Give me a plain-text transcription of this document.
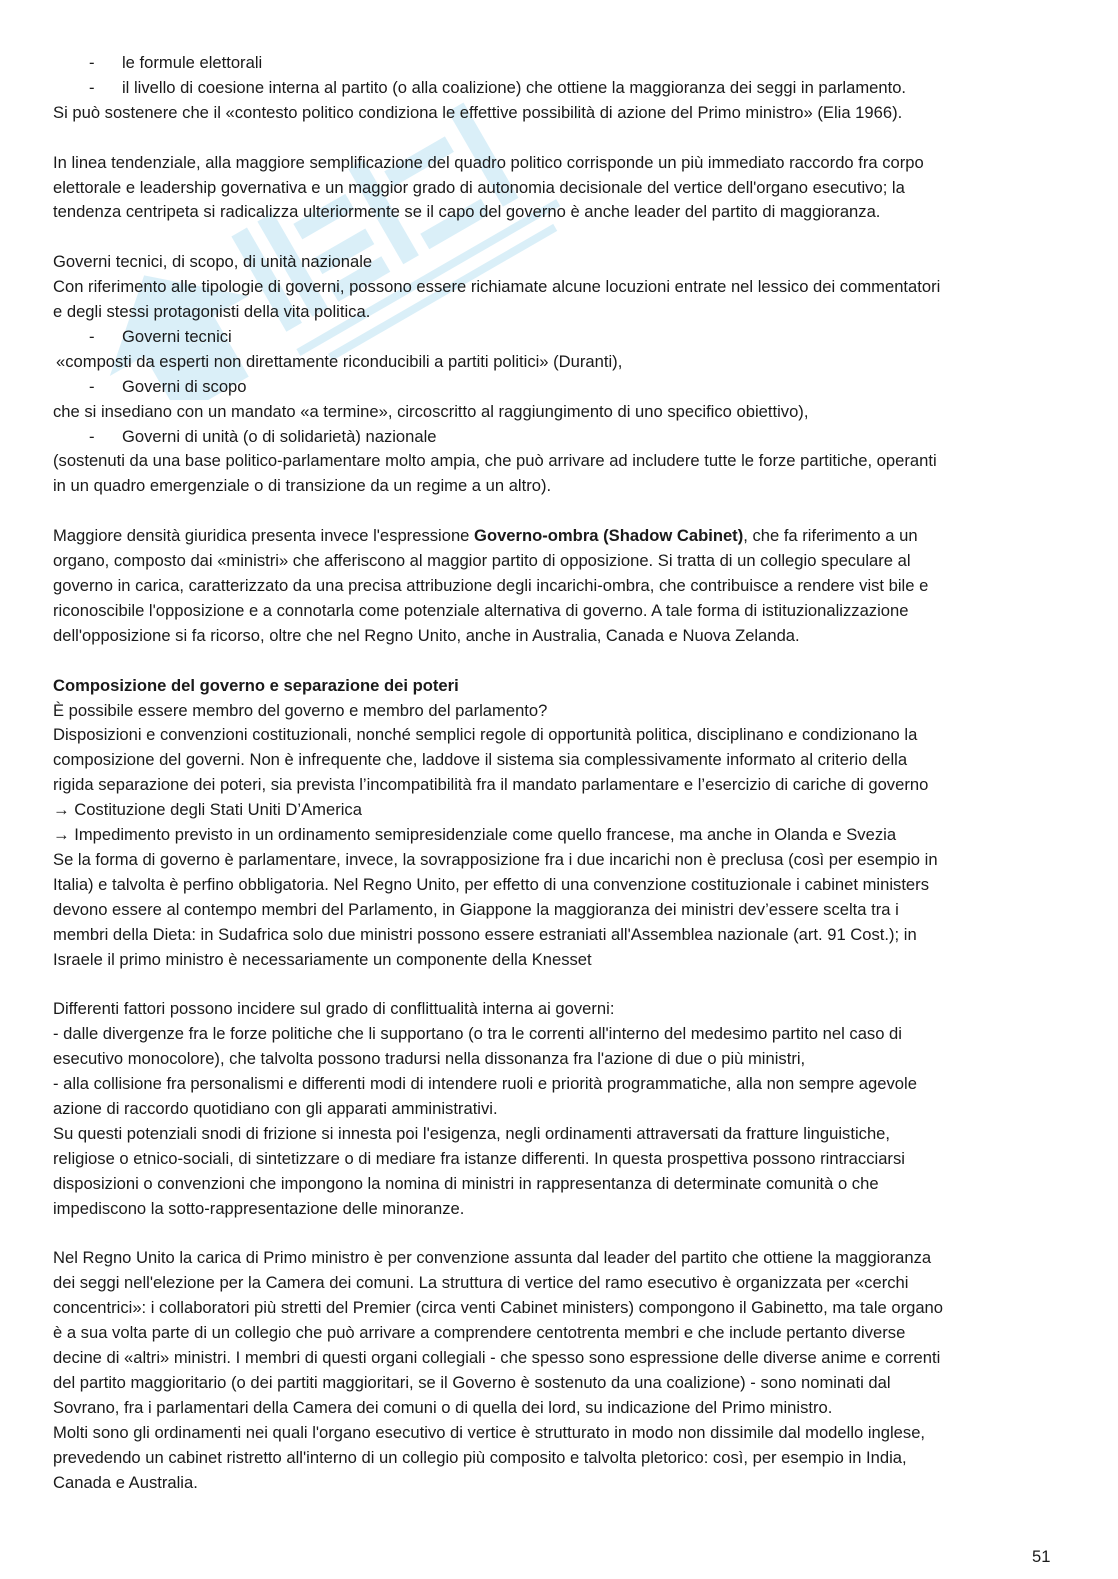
- le formule elettorali
- il livello di coesione interna al partito (o alla coalizione) che ottiene la maggioranza dei seggi in parlamento.
Si può sostenere che il «contesto politico condiziona le effettive possibilità di azione del Primo ministro» (Elia 1966).
In linea tendenziale, alla maggiore semplificazione del quadro politico corrisponde un più immediato raccordo fra corpo
elettorale e leadership governativa e un maggior grado di autonomia decisionale del vertice dell'organo esecutivo; la
tendenza centripeta si radicalizza ulteriormente se il capo del governo è anche leader del partito di maggioranza.
Governi tecnici, di scopo, di unità nazionale
Con riferimento alle tipologie di governi, possono essere richiamate alcune locuzioni entrate nel lessico dei commentatori
e degli stessi protagonisti della vita politica.
- Governi tecnici
«composti da esperti non direttamente riconducibili a partiti politici» (Duranti),
- Governi di scopo
che si insediano con un mandato «a termine», circoscritto al raggiungimento di uno specifico obiettivo),
- Governi di unità (o di solidarietà) nazionale
(sostenuti da una base politico-parlamentare molto ampia, che può arrivare ad includere tutte le forze partitiche, operanti
in un quadro emergenziale o di transizione da un regime a un altro).
Maggiore densità giuridica presenta invece l'espressione Governo-ombra (Shadow Cabinet), che fa riferimento a un
organo, composto dai «ministri» che afferiscono al maggior partito di opposizione. Si tratta di un collegio speculare al
governo in carica, caratterizzato da una precisa attribuzione degli incarichi-ombra, che contribuisce a rendere vist bile e
riconoscibile l'opposizione e a connotarla come potenziale alternativa di governo. A tale forma di istituzionalizzazione
dell'opposizione si fa ricorso, oltre che nel Regno Unito, anche in Australia, Canada e Nuova Zelanda.
Composizione del governo e separazione dei poteri
È possibile essere membro del governo e membro del parlamento?
Disposizioni e convenzioni costituzionali, nonché semplici regole di opportunità politica, disciplinano e condizionano la
composizione del governi. Non è infrequente che, laddove il sistema sia complessivamente informato al criterio della
rigida separazione dei poteri, sia prevista l’incompatibilità fra il mandato parlamentare e l’esercizio di cariche di governo
→ Costituzione degli Stati Uniti D’America
→ Impedimento previsto in un ordinamento semipresidenziale come quello francese, ma anche in Olanda e Svezia
Se la forma di governo è parlamentare, invece, la sovrapposizione fra i due incarichi non è preclusa (così per esempio in
Italia) e talvolta è perfino obbligatoria. Nel Regno Unito, per effetto di una convenzione costituzionale i cabinet ministers
devono essere al contempo membri del Parlamento, in Giappone la maggioranza dei ministri dev’essere scelta tra i
membri della Dieta: in Sudafrica solo due ministri possono essere estraniati all'Assemblea nazionale (art. 91 Cost.); in
Israele il primo ministro è necessariamente un componente della Knesset
Differenti fattori possono incidere sul grado di conflittualità interna ai governi:
- dalle divergenze fra le forze politiche che li supportano (o tra le correnti all'interno del medesimo partito nel caso di
esecutivo monocolore), che talvolta possono tradursi nella dissonanza fra l'azione di due o più ministri,
- alla collisione fra personalismi e differenti modi di intendere ruoli e priorità programmatiche, alla non sempre agevole
azione di raccordo quotidiano con gli apparati amministrativi.
Su questi potenziali snodi di frizione si innesta poi l'esigenza, negli ordinamenti attraversati da fratture linguistiche,
religiose o etnico-sociali, di sintetizzare o di mediare fra istanze differenti. In questa prospettiva possono rintracciarsi
disposizioni o convenzioni che impongono la nomina di ministri in rappresentanza di determinate comunità o che
impediscono la sotto-rappresentazione delle minoranze.
Nel Regno Unito la carica di Primo ministro è per convenzione assunta dal leader del partito che ottiene la maggioranza
dei seggi nell'elezione per la Camera dei comuni. La struttura di vertice del ramo esecutivo è organizzata per «cerchi
concentrici»: i collaboratori più stretti del Premier (circa venti Cabinet ministers) compongono il Gabinetto, ma tale organo
è a sua volta parte di un collegio che può arrivare a comprendere centotrenta membri e che include pertanto diverse
decine di «altri» ministri. I membri di questi organi collegiali - che spesso sono espressione delle diverse anime e correnti
del partito maggioritario (o dei partiti maggioritari, se il Governo è sostenuto da una coalizione) - sono nominati dal
Sovrano, fra i parlamentari della Camera dei comuni o di quella dei lord, su indicazione del Primo ministro.
Molti sono gli ordinamenti nei quali l'organo esecutivo di vertice è strutturato in modo non dissimile dal modello inglese,
prevedendo un cabinet ristretto all'interno di un collegio più composito e talvolta pletorico: così, per esempio in India,
Canada e Australia.
51
